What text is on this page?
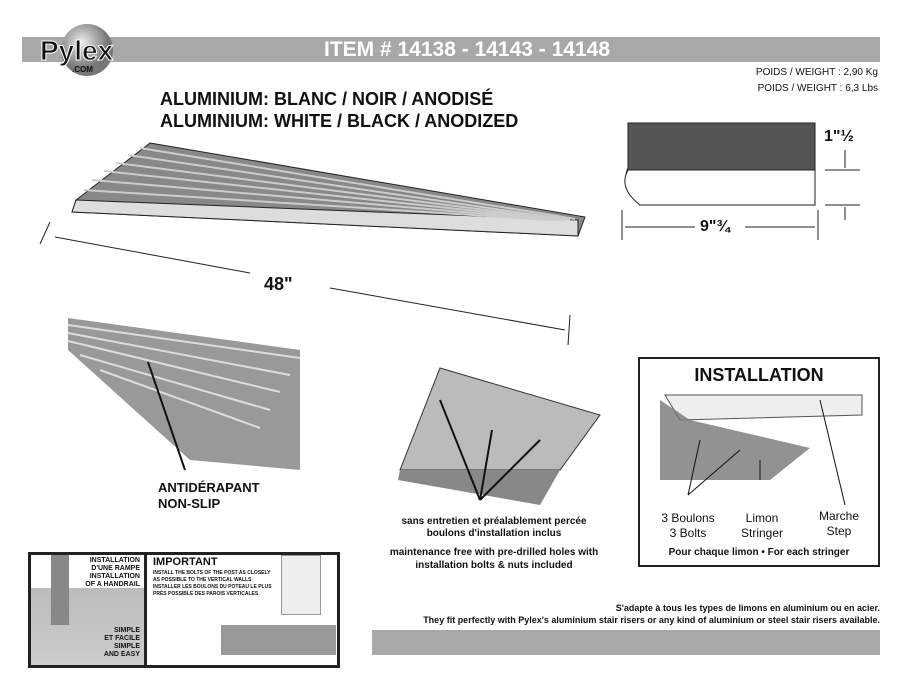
ITEM # 14138 - 14143 - 14148
Pylex
.COM	POIDS / WEIGHT : 2,90 Kg
POIDS / WEIGHT : 6,3 Lbs
ALUMINIUM: BLANC / NOIR / ANODISÉ
ALUMINIUM: WHITE / BLACK / ANODIZED
48"
1"½
9"¾
ANTIDÉRAPANT
NON-SLIP
sans entretien et préalablement percée
boulons d'installation inclus
maintenance free with pre-drilled holes with
installation bolts & nuts included
INSTALLATION
3 Boulons
3 Bolts
Limon
Stringer
Marche
Step
Pour chaque limon • For each stringer
INSTALLATION
D'UNE RAMPE
INSTALLATION
OF A HANDRAIL
SIMPLE
ET FACILE
SIMPLE
AND EASY
IMPORTANT
INSTALL THE BOLTS OF THE POST AS CLOSELY
AS POSSIBLE TO THE VERTICAL WALLS
INSTALLER LES BOULONS DU POTEAU LE PLUS
PRÈS POSSIBLE DES PAROIS VERTICALES
S'adapte à tous les types de limons en aluminium ou en acier.
They fit perfectly with Pylex's aluminium stair risers or any kind of aluminium or steel stair risers available.
